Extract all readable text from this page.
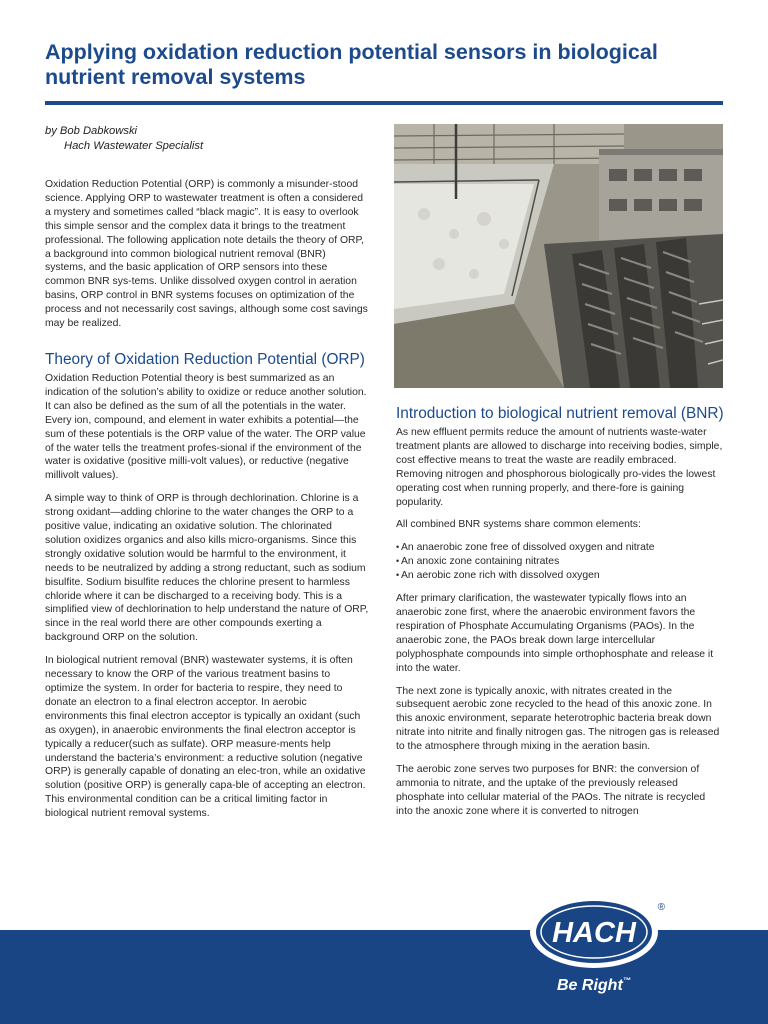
Applying oxidation reduction potential sensors in biological nutrient removal systems
by Bob Dabkowski
Hach Wastewater Specialist

Oxidation Reduction Potential (ORP) is commonly a misunder-stood science. Applying ORP to wastewater treatment is often a considered a mystery and sometimes called “black magic”. It is easy to overlook this simple sensor and the complex data it brings to the treatment professional. The following application note details the theory of ORP, a background into common biological nutrient removal (BNR) systems, and the basic application of ORP sensors into these common BNR sys-tems. Unlike dissolved oxygen control in aeration basins, ORP control in BNR systems focuses on optimization of the process and not necessarily cost savings, although some cost savings may be realized.

Theory of Oxidation Reduction Potential (ORP)

Oxidation Reduction Potential theory is best summarized as an indication of the solution’s ability to oxidize or reduce another solution. It can also be defined as the sum of all the potentials in the water. Every ion, compound, and element in water exhibits a potential—the sum of these potentials is the ORP value of the water. The ORP value of the water tells the treatment profes-sional if the environment of the water is oxidative (positive milli-volt values), or reductive (negative millivolt values).

A simple way to think of ORP is through dechlorination. Chlorine is a strong oxidant—adding chlorine to the water changes the ORP to a positive value, indicating an oxidative solution. The chlorinated solution oxidizes organics and also kills micro-organisms. Since this strongly oxidative solution would be harmful to the environment, it needs to be neutralized by adding a strong reductant, such as sodium bisulfite. Sodium bisulfite reduces the chlorine present to harmless chloride where it can be discharged to a receiving body. This is a simplified view of dechlorination to help understand the nature of ORP, since in the real world there are other compounds exerting a background ORP on the solution.

In biological nutrient removal (BNR) wastewater systems, it is often necessary to know the ORP of the various treatment basins to optimize the system. In order for bacteria to respire, they need to donate an electron to a final electron acceptor. In aerobic environments this final electron acceptor is typically an oxidant (such as oxygen), in anaerobic environments the final electron acceptor is typically a reducer(such as sulfate). ORP measure-ments help understand the bacteria’s environment: a reductive solution (negative ORP) is generally capable of donating an elec-tron, while an oxidative solution (positive ORP) is generally capa-ble of accepting an electron. This environmental condition can be a critical limiting factor in biological nutrient removal systems.

Introduction to biological nutrient removal (BNR)

As new effluent permits reduce the amount of nutrients waste-water treatment plants are allowed to discharge into receiving bodies, simple, cost effective means to treat the waste are readily embraced. Removing nitrogen and phosphorous biologically pro-vides the lowest operating cost when running properly, and there-fore is gaining popularity.

All combined BNR systems share common elements:

• An anaerobic zone free of dissolved oxygen and nitrate
• An anoxic zone containing nitrates
• An aerobic zone rich with dissolved oxygen

After primary clarification, the wastewater typically flows into an anaerobic zone first, where the anaerobic environment favors the respiration of Phosphate Accumulating Organisms (PAOs). In the anaerobic zone, the PAOs break down large intercellular polyphosphate compounds into simple orthophosphate and release it into the water.

The next zone is typically anoxic, with nitrates created in the subsequent aerobic zone recycled to the head of this anoxic zone. In this anoxic environment, separate heterotrophic bacteria break down nitrate into nitrite and finally nitrogen gas. The nitrogen gas is released to the atmosphere through mixing in the aeration basin.

The aerobic zone serves two purposes for BNR: the conversion of ammonia to nitrate, and the uptake of the previously released phosphate into cellular material of the PAOs. The nitrate is recycled into the anoxic zone where it is converted to nitrogen

HACH
®
Be Right™
